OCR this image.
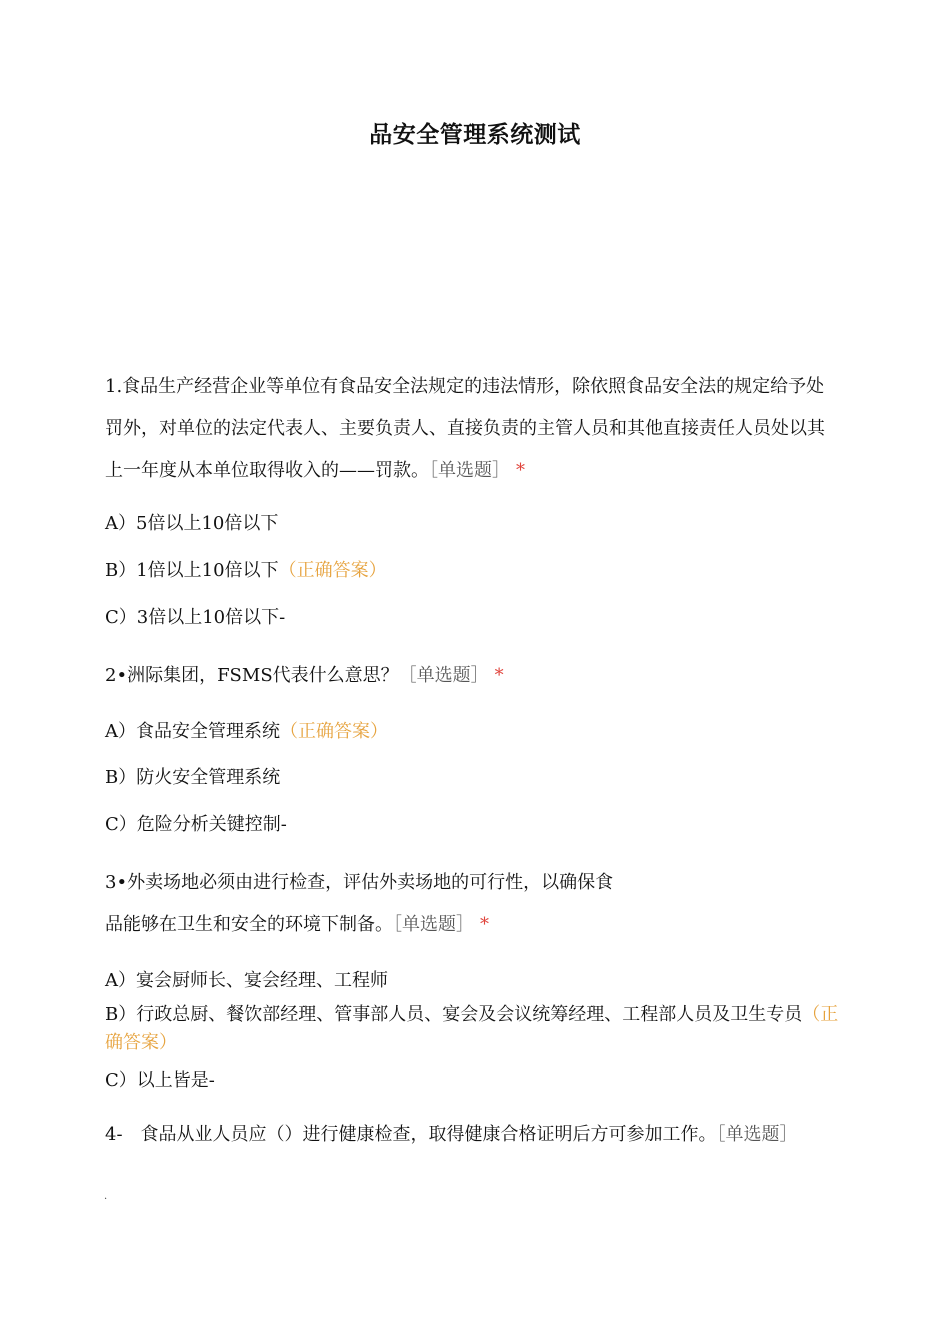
品安全管理系统测试
1.食品生产经营企业等单位有食品安全法规定的违法情形，除依照食品安全法的规定给予处罚外，对单位的法定代表人、主要负责人、直接负责的主管人员和其他直接责任人员处以其上一年度从本单位取得收入的——罚款。［单选题］ *
A）5倍以上10倍以下
B）1倍以上10倍以下（正确答案）
C）3倍以上10倍以下-
2•洲际集团，FSMS代表什么意思？［单选题］ *
A）食品安全管理系统（正确答案）
B）防火安全管理系统
C）危险分析关键控制-
3•外卖场地必须由进行检查，评估外卖场地的可行性，以确保食
品能够在卫生和安全的环境下制备。［单选题］ *
A）宴会厨师长、宴会经理、工程师
B）行政总厨、餐饮部经理、管事部人员、宴会及会议统筹经理、工程部人员及卫生专员（正确答案）
C）以上皆是-
4-　食品从业人员应（）进行健康检查，取得健康合格证明后方可参加工作。［单选题］
.
